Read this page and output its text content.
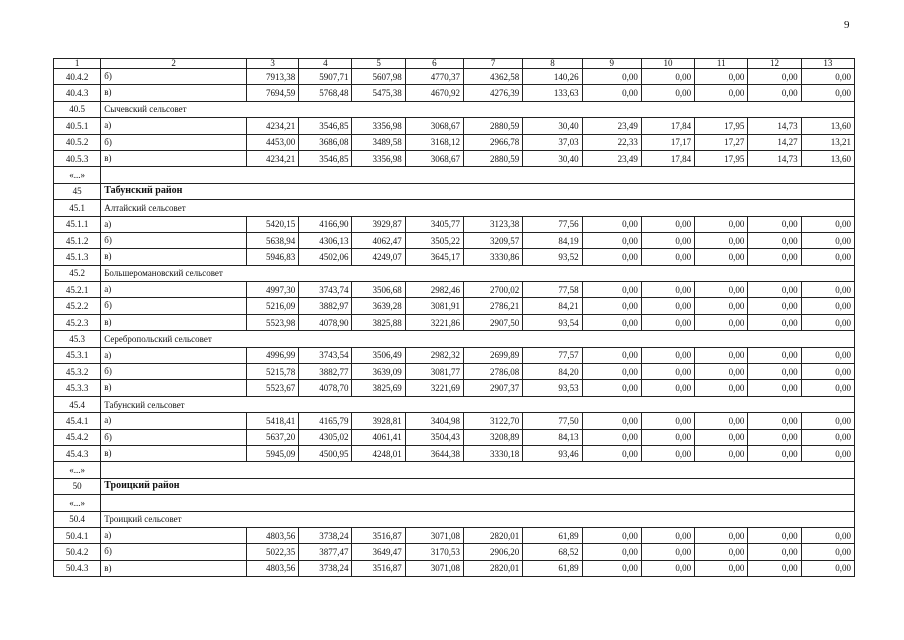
9
1	2	3	4	5	6	7	8	9	10	11	12	13
40.4.2	б)	7913,38	5907,71	5607,98	4770,37	4362,58	140,26	0,00	0,00	0,00	0,00	0,00
40.4.3	в)	7694,59	5768,48	5475,38	4670,92	4276,39	133,63	0,00	0,00	0,00	0,00	0,00
40.5	Сычевский сельсовет											
40.5.1	а)	4234,21	3546,85	3356,98	3068,67	2880,59	30,40	23,49	17,84	17,95	14,73	13,60
40.5.2	б)	4453,00	3686,08	3489,58	3168,12	2966,78	37,03	22,33	17,17	17,27	14,27	13,21
40.5.3	в)	4234,21	3546,85	3356,98	3068,67	2880,59	30,40	23,49	17,84	17,95	14,73	13,60
«...»												
45	Табунский район											
45.1	Алтайский сельсовет											
45.1.1	а)	5420,15	4166,90	3929,87	3405,77	3123,38	77,56	0,00	0,00	0,00	0,00	0,00
45.1.2	б)	5638,94	4306,13	4062,47	3505,22	3209,57	84,19	0,00	0,00	0,00	0,00	0,00
45.1.3	в)	5946,83	4502,06	4249,07	3645,17	3330,86	93,52	0,00	0,00	0,00	0,00	0,00
45.2	Большеромановский сельсовет											
45.2.1	а)	4997,30	3743,74	3506,68	2982,46	2700,02	77,58	0,00	0,00	0,00	0,00	0,00
45.2.2	б)	5216,09	3882,97	3639,28	3081,91	2786,21	84,21	0,00	0,00	0,00	0,00	0,00
45.2.3	в)	5523,98	4078,90	3825,88	3221,86	2907,50	93,54	0,00	0,00	0,00	0,00	0,00
45.3	Серебропольский сельсовет											
45.3.1	а)	4996,99	3743,54	3506,49	2982,32	2699,89	77,57	0,00	0,00	0,00	0,00	0,00
45.3.2	б)	5215,78	3882,77	3639,09	3081,77	2786,08	84,20	0,00	0,00	0,00	0,00	0,00
45.3.3	в)	5523,67	4078,70	3825,69	3221,69	2907,37	93,53	0,00	0,00	0,00	0,00	0,00
45.4	Табунский сельсовет											
45.4.1	а)	5418,41	4165,79	3928,81	3404,98	3122,70	77,50	0,00	0,00	0,00	0,00	0,00
45.4.2	б)	5637,20	4305,02	4061,41	3504,43	3208,89	84,13	0,00	0,00	0,00	0,00	0,00
45.4.3	в)	5945,09	4500,95	4248,01	3644,38	3330,18	93,46	0,00	0,00	0,00	0,00	0,00
«...»												
50	Троицкий район											
«...»												
50.4	Троицкий сельсовет											
50.4.1	а)	4803,56	3738,24	3516,87	3071,08	2820,01	61,89	0,00	0,00	0,00	0,00	0,00
50.4.2	б)	5022,35	3877,47	3649,47	3170,53	2906,20	68,52	0,00	0,00	0,00	0,00	0,00
50.4.3	в)	4803,56	3738,24	3516,87	3071,08	2820,01	61,89	0,00	0,00	0,00	0,00	0,00
